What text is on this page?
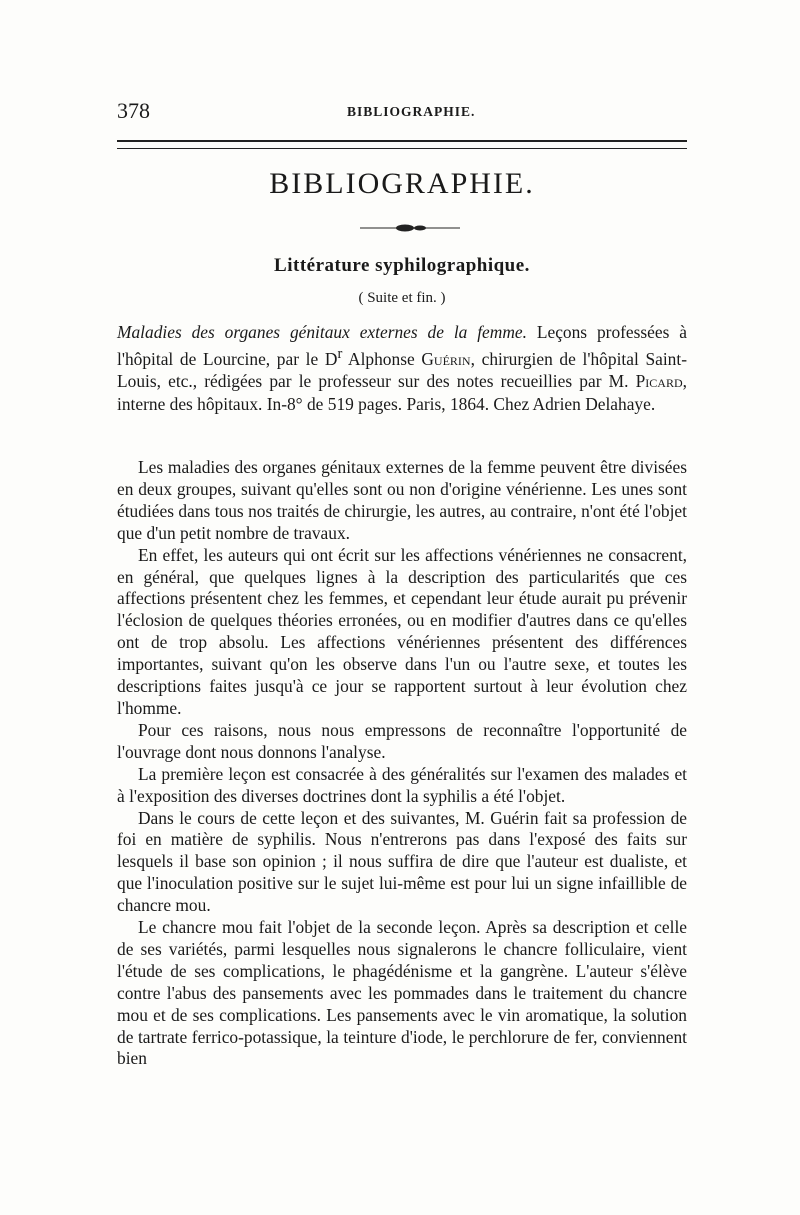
378	BIBLIOGRAPHIE.
BIBLIOGRAPHIE.
Littérature syphilographique.
( Suite et fin. )
Maladies des organes génitaux externes de la femme. Leçons professées à l'hôpital de Lourcine, par le $D^r$ Alphonse Guérin, chirurgien de l'hôpital Saint-Louis, etc., rédigées par le professeur sur des notes recueillies par M. Picard, interne des hôpitaux. In-8° de 519 pages. Paris, 1864. Chez Adrien Delahaye.

Les maladies des organes génitaux externes de la femme peuvent être divisées en deux groupes, suivant qu'elles sont ou non d'origine vénérienne. Les unes sont étudiées dans tous nos traités de chirurgie, les autres, au contraire, n'ont été l'objet que d'un petit nombre de travaux.

En effet, les auteurs qui ont écrit sur les affections vénériennes ne consacrent, en général, que quelques lignes à la description des particularités que ces affections présentent chez les femmes, et cependant leur étude aurait pu prévenir l'éclosion de quelques théories erronées, ou en modifier d'autres dans ce qu'elles ont de trop absolu. Les affections vénériennes présentent des différences importantes, suivant qu'on les observe dans l'un ou l'autre sexe, et toutes les descriptions faites jusqu'à ce jour se rapportent surtout à leur évolution chez l'homme.

Pour ces raisons, nous nous empressons de reconnaître l'opportunité de l'ouvrage dont nous donnons l'analyse.

La première leçon est consacrée à des généralités sur l'examen des malades et à l'exposition des diverses doctrines dont la syphilis a été l'objet.

Dans le cours de cette leçon et des suivantes, M. Guérin fait sa profession de foi en matière de syphilis. Nous n'entrerons pas dans l'exposé des faits sur lesquels il base son opinion ; il nous suffira de dire que l'auteur est dualiste, et que l'inoculation positive sur le sujet lui-même est pour lui un signe infaillible de chancre mou.

Le chancre mou fait l'objet de la seconde leçon. Après sa description et celle de ses variétés, parmi lesquelles nous signalerons le chancre folliculaire, vient l'étude de ses complications, le phagédénisme et la gangrène. L'auteur s'élève contre l'abus des pansements avec les pommades dans le traitement du chancre mou et de ses complications. Les pansements avec le vin aromatique, la solution de tartrate ferrico-potassique, la teinture d'iode, le perchlorure de fer, conviennent bien
